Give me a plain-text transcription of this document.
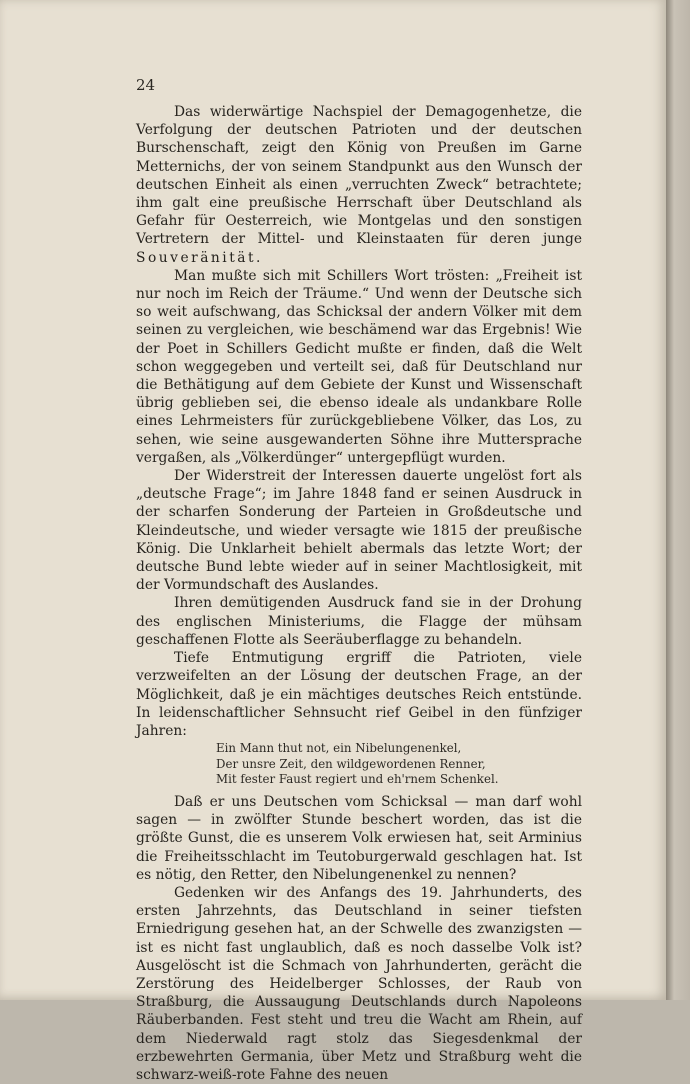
24

Das widerwärtige Nachspiel der Demagogenhetze, die Verfolgung der deutschen Patrioten und der deutschen Burschenschaft, zeigt den König von Preußen im Garne Metternichs, der von seinem Standpunkt aus den Wunsch der deutschen Einheit als einen „verruchten Zweck“ betrachtete; ihm galt eine preußische Herrschaft über Deutschland als Gefahr für Oesterreich, wie Montgelas und den sonstigen Vertretern der Mittel- und Kleinstaaten für deren junge Souveränität.

Man mußte sich mit Schillers Wort trösten: „Freiheit ist nur noch im Reich der Träume.“ Und wenn der Deutsche sich so weit aufschwang, das Schicksal der andern Völker mit dem seinen zu vergleichen, wie beschämend war das Ergebnis! Wie der Poet in Schillers Gedicht mußte er finden, daß die Welt schon weggegeben und verteilt sei, daß für Deutschland nur die Bethätigung auf dem Gebiete der Kunst und Wissenschaft übrig geblieben sei, die ebenso ideale als undankbare Rolle eines Lehrmeisters für zurückgebliebene Völker, das Los, zu sehen, wie seine ausgewanderten Söhne ihre Muttersprache vergaßen, als „Völkerdünger“ untergepflügt wurden.

Der Widerstreit der Interessen dauerte ungelöst fort als „deutsche Frage“; im Jahre 1848 fand er seinen Ausdruck in der scharfen Sonderung der Parteien in Großdeutsche und Kleindeutsche, und wieder versagte wie 1815 der preußische König. Die Unklarheit behielt abermals das letzte Wort; der deutsche Bund lebte wieder auf in seiner Machtlosigkeit, mit der Vormundschaft des Auslandes.

Ihren demütigenden Ausdruck fand sie in der Drohung des englischen Ministeriums, die Flagge der mühsam geschaffenen Flotte als Seeräuberflagge zu behandeln.

Tiefe Entmutigung ergriff die Patrioten, viele verzweifelten an der Lösung der deutschen Frage, an der Möglichkeit, daß je ein mächtiges deutsches Reich entstünde. In leidenschaftlicher Sehnsucht rief Geibel in den fünfziger Jahren:

Ein Mann thut not, ein Nibelungenenkel,
Der unsre Zeit, den wildgewordenen Renner,
Mit fester Faust regiert und eh'rnem Schenkel.

Daß er uns Deutschen vom Schicksal — man darf wohl sagen — in zwölfter Stunde beschert worden, das ist die größte Gunst, die es unserem Volk erwiesen hat, seit Arminius die Freiheitsschlacht im Teutoburgerwald geschlagen hat. Ist es nötig, den Retter, den Nibelungenenkel zu nennen?

Gedenken wir des Anfangs des 19. Jahrhunderts, des ersten Jahrzehnts, das Deutschland in seiner tiefsten Erniedrigung gesehen hat, an der Schwelle des zwanzigsten — ist es nicht fast unglaublich, daß es noch dasselbe Volk ist? Ausgelöscht ist die Schmach von Jahrhunderten, gerächt die Zerstörung des Heidelberger Schlosses, der Raub von Straßburg, die Aussaugung Deutschlands durch Napoleons Räuberbanden. Fest steht und treu die Wacht am Rhein, auf dem Niederwald ragt stolz das Siegesdenkmal der erzbewehrten Germania, über Metz und Straßburg weht die schwarz-weiß-rote Fahne des neuen
